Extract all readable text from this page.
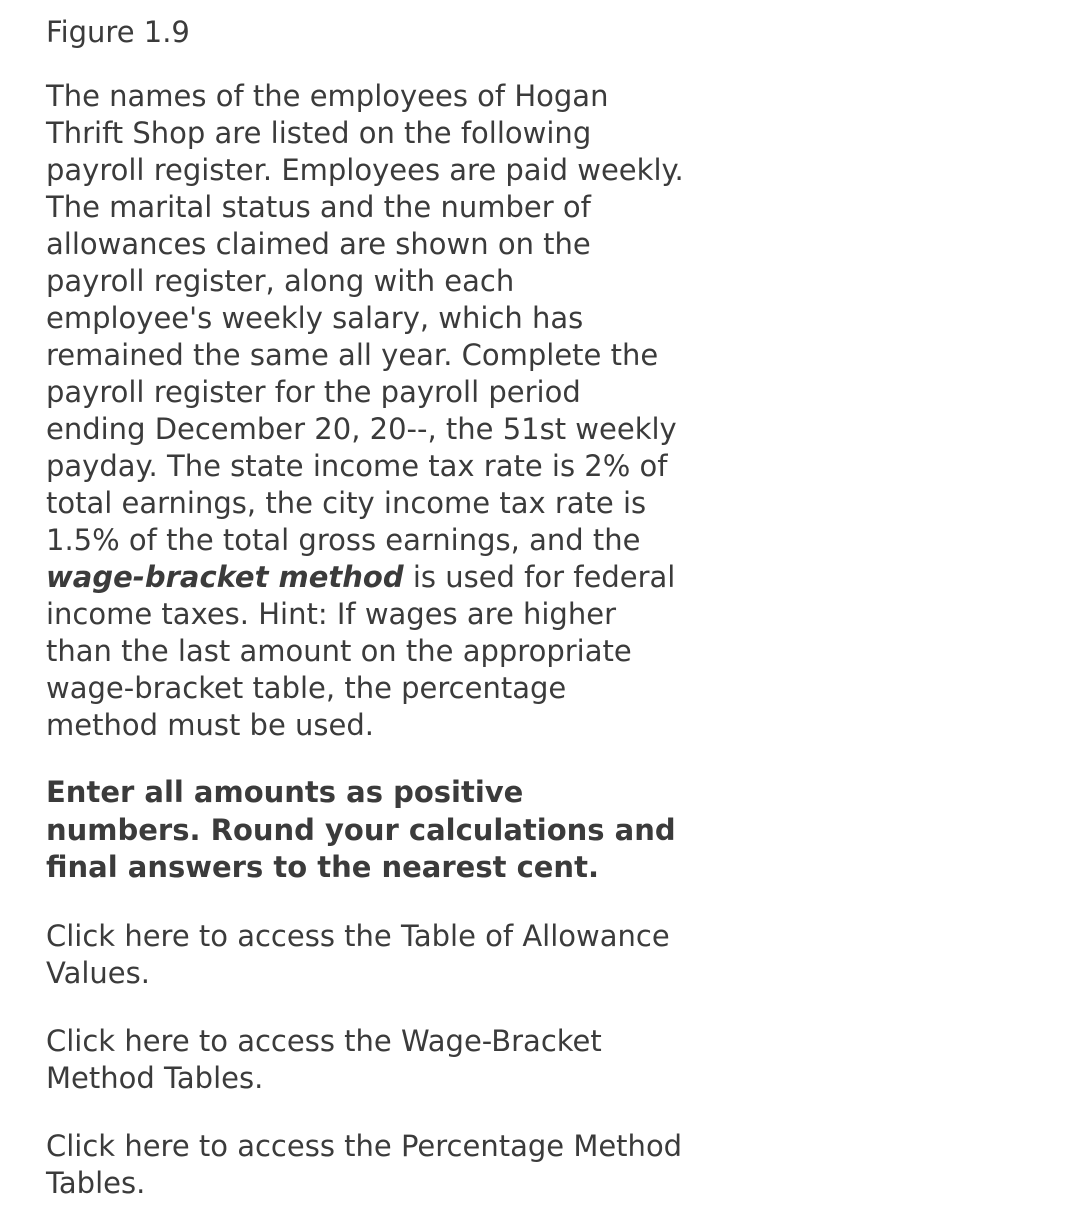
Figure 1.9

The names of the employees of Hogan Thrift Shop are listed on the following payroll register. Employees are paid weekly. The marital status and the number of allowances claimed are shown on the payroll register, along with each employee's weekly salary, which has remained the same all year. Complete the payroll register for the payroll period ending December 20, 20--, the 51st weekly payday. The state income tax rate is 2% of total earnings, the city income tax rate is 1.5% of the total gross earnings, and the wage-bracket method is used for federal income taxes. Hint: If wages are higher than the last amount on the appropriate wage-bracket table, the percentage method must be used.

Enter all amounts as positive numbers. Round your calculations and final answers to the nearest cent.

Click here to access the Table of Allowance Values.

Click here to access the Wage-Bracket Method Tables.

Click here to access the Percentage Method Tables.
